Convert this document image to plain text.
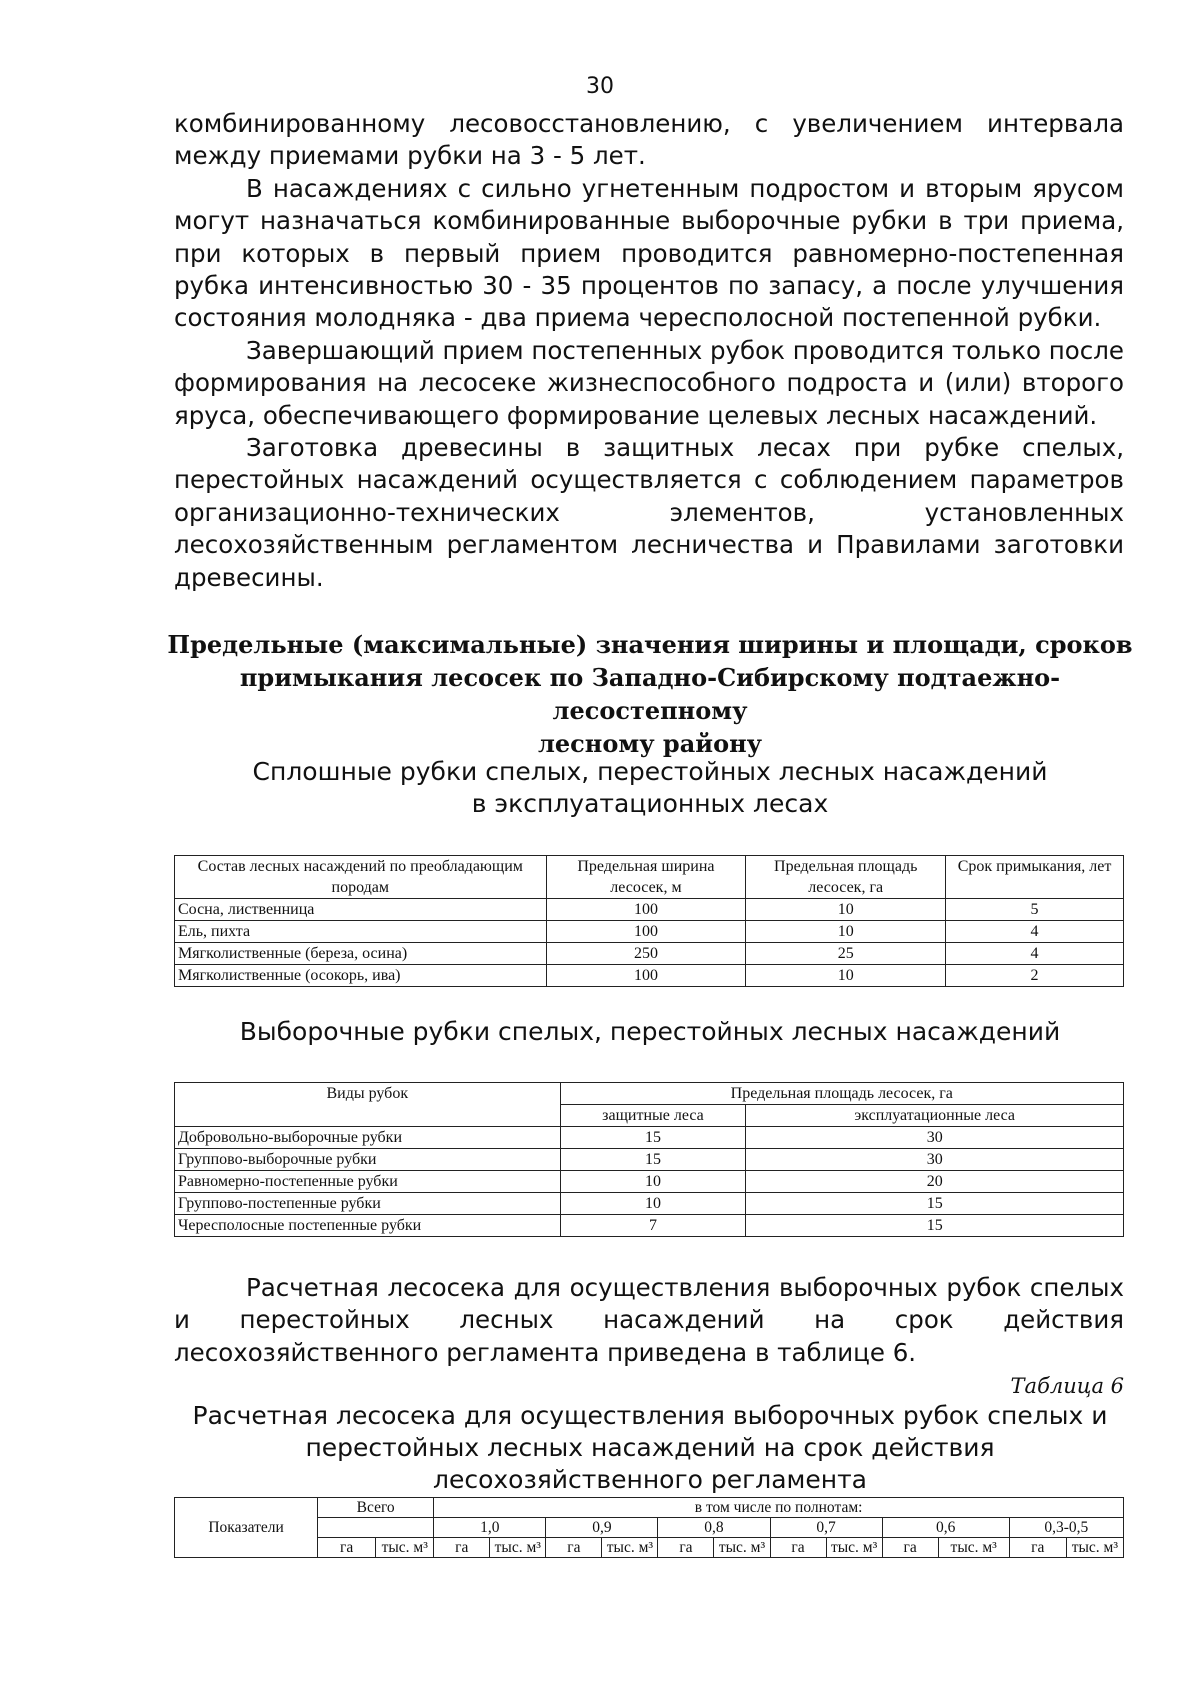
30

комбинированному лесовосстановлению, с увеличением интервала между приемами рубки на 3 - 5 лет.

В насаждениях с сильно угнетенным подростом и вторым ярусом могут назначаться комбинированные выборочные рубки в три приема, при которых в первый прием проводится равномерно-постепенная рубка интенсивностью 30 - 35 процентов по запасу, а после улучшения состояния молодняка - два приема чересполосной постепенной рубки.

Завершающий прием постепенных рубок проводится только после формирования на лесосеке жизнеспособного подроста и (или) второго яруса, обеспечивающего формирование целевых лесных насаждений.

Заготовка древесины в защитных лесах при рубке спелых, перестойных насаждений осуществляется с соблюдением параметров организационно-технических элементов, установленных лесохозяйственным регламентом лесничества и Правилами заготовки древесины.

Предельные (максимальные) значения ширины и площади, сроков
примыкания лесосек по Западно-Сибирскому подтаежно-лесостепному
лесному району
Сплошные рубки спелых, перестойных лесных насаждений
в эксплуатационных лесах
Состав лесных насаждений по преобладающим породам	Предельная ширина лесосек, м	Предельная площадь лесосек, га	Срок примыкания, лет
Сосна, лиственница	100	10	5
Ель, пихта	100	10	4
Мягколиственные (береза, осина)	250	25	4
Мягколиственные (осокорь, ива)	100	10	2
Выборочные рубки спелых, перестойных лесных насаждений
Виды рубок	Предельная площадь лесосек, га	
	защитные леса	эксплуатационные леса
Добровольно-выборочные рубки	15	30
Группово-выборочные рубки	15	30
Равномерно-постепенные рубки	10	20
Группово-постепенные рубки	10	15
Чересполосные постепенные рубки	7	15

Расчетная лесосека для осуществления выборочных рубок спелых и перестойных лесных насаждений на срок действия лесохозяйственного регламента приведена в таблице 6.

Таблица 6
Расчетная лесосека для осуществления выборочных рубок спелых и
перестойных лесных насаждений на срок действия
лесохозяйственного регламента
Показатели	Всего		в том числе по полнотам:											
			1,0		0,9		0,8		0,7		0,6		0,3-0,5	
	га	тыс. м³	га	тыс. м³	га	тыс. м³	га	тыс. м³	га	тыс. м³	га	тыс. м³	га	тыс. м³
